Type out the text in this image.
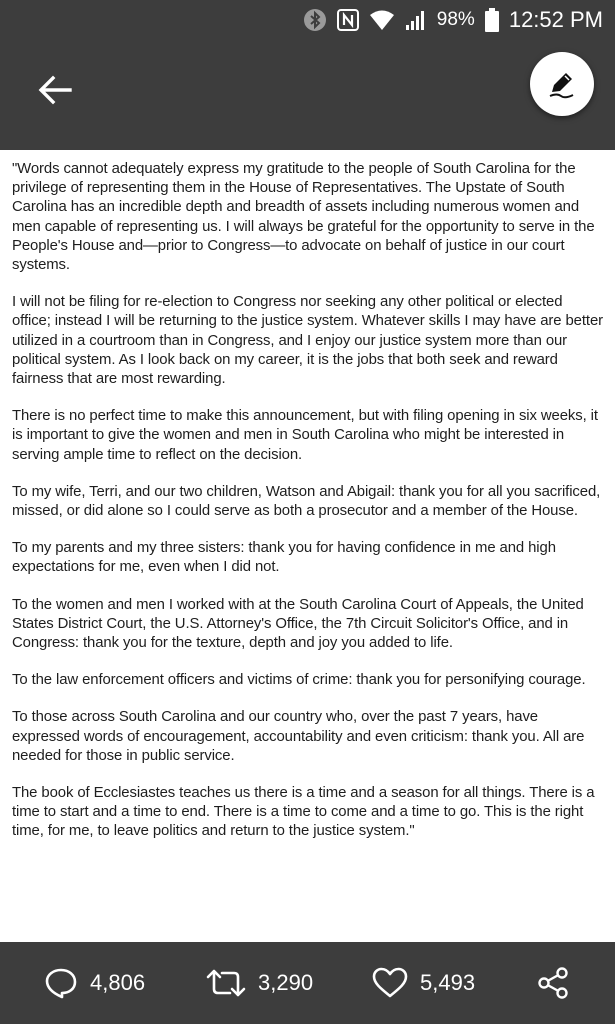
98% 12:52 PM

"Words cannot adequately express my gratitude to the people of South Carolina for the privilege of representing them in the House of Representatives. The Upstate of South Carolina has an incredible depth and breadth of assets including numerous women and men capable of representing us. I will always be grateful for the opportunity to serve in the People's House and—prior to Congress—to advocate on behalf of justice in our court systems.

I will not be filing for re-election to Congress nor seeking any other political or elected office; instead I will be returning to the justice system. Whatever skills I may have are better utilized in a courtroom than in Congress, and I enjoy our justice system more than our political system. As I look back on my career, it is the jobs that both seek and reward fairness that are most rewarding.

There is no perfect time to make this announcement, but with filing opening in six weeks, it is important to give the women and men in South Carolina who might be interested in serving ample time to reflect on the decision.

To my wife, Terri, and our two children, Watson and Abigail: thank you for all you sacrificed, missed, or did alone so I could serve as both a prosecutor and a member of the House.

To my parents and my three sisters: thank you for having confidence in me and high expectations for me, even when I did not.

To the women and men I worked with at the South Carolina Court of Appeals, the United States District Court, the U.S. Attorney's Office, the 7th Circuit Solicitor's Office, and in Congress: thank you for the texture, depth and joy you added to life.

To the law enforcement officers and victims of crime: thank you for personifying courage.

To those across South Carolina and our country who, over the past 7 years, have expressed words of encouragement, accountability and even criticism: thank you. All are needed for those in public service.

The book of Ecclesiastes teaches us there is a time and a season for all things. There is a time to start and a time to end. There is a time to come and a time to go. This is the right time, for me, to leave politics and return to the justice system."

4,806	3,290	5,493
